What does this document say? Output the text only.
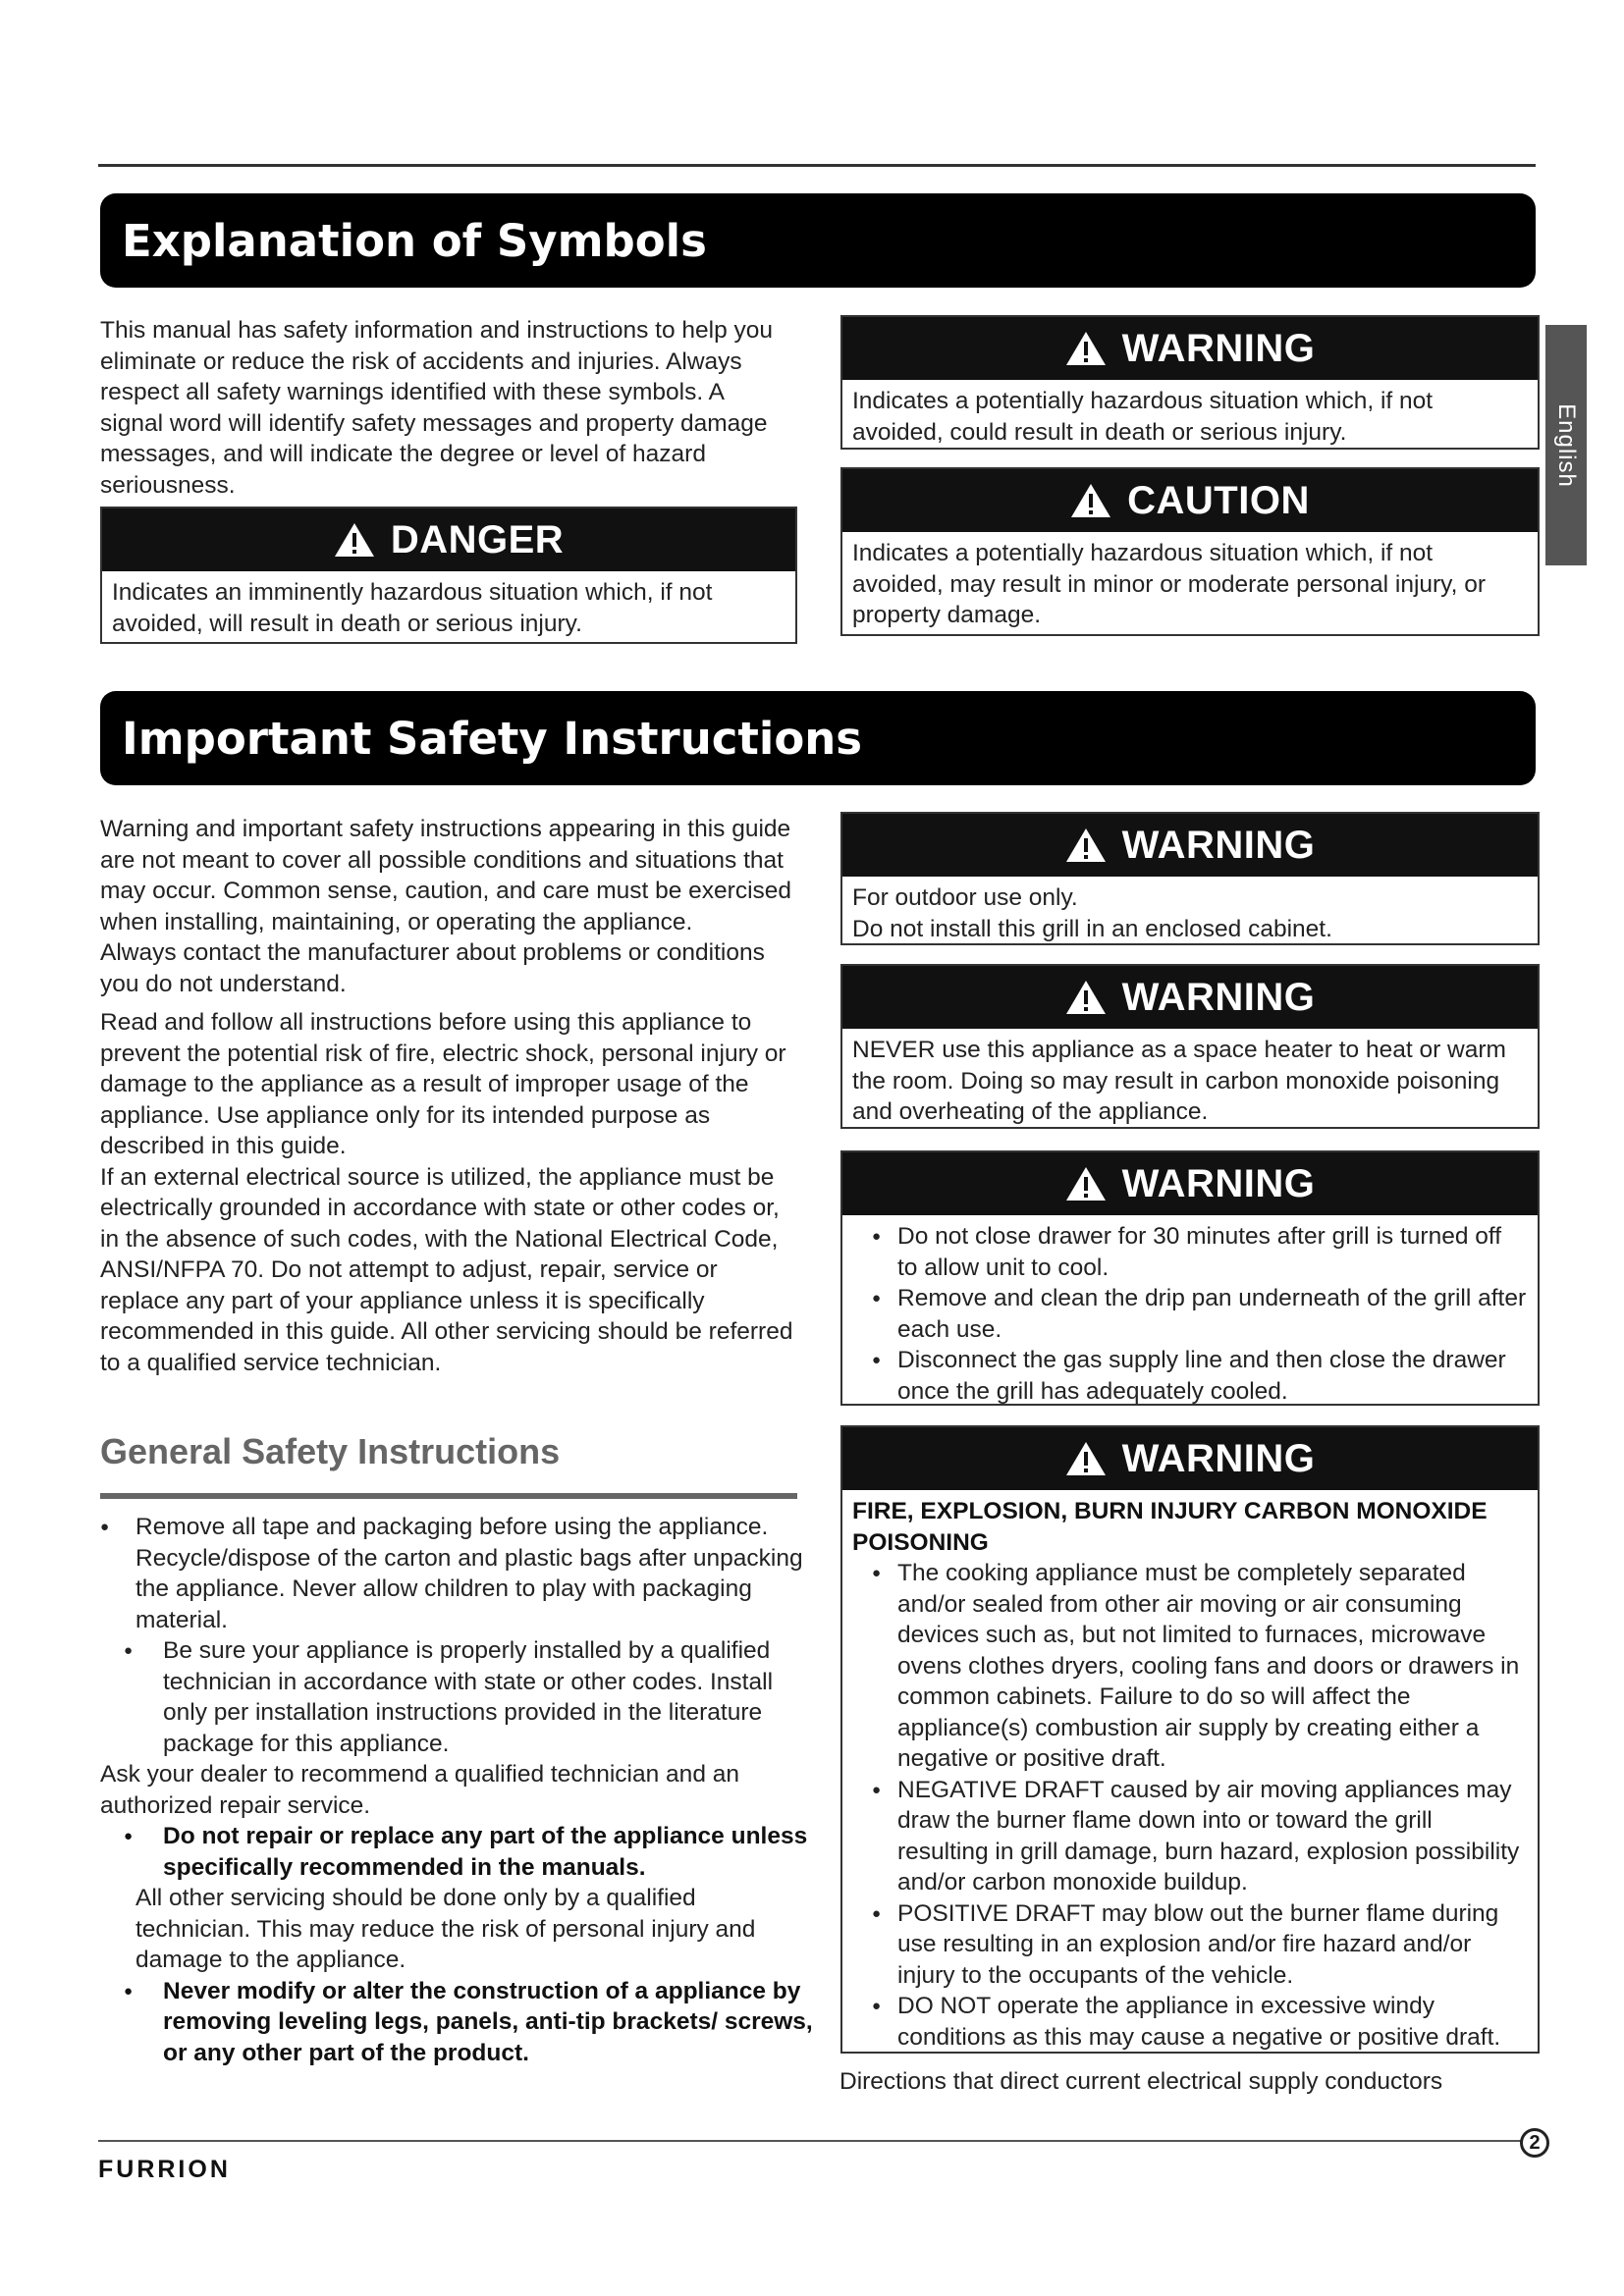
Explanation of Symbols

This manual has safety information and instructions to help you eliminate or reduce the risk of accidents and injuries. Always respect all safety warnings identified with these symbols. A signal word will identify safety messages and property damage messages, and will indicate the degree or level of hazard seriousness.

DANGER

Indicates an imminently hazardous situation which, if not avoided, will result in death or serious injury.

WARNING

Indicates a potentially hazardous situation which, if not avoided, could result in death or serious injury.

CAUTION

Indicates a potentially hazardous situation which, if not avoided, may result in minor or moderate personal injury, or property damage.

English
Important Safety Instructions

Warning and important safety instructions appearing in this guide are not meant to cover all possible conditions and situations that may occur. Common sense, caution, and care must be exercised when installing, maintaining, or operating the appliance.

Always contact the manufacturer about problems or conditions you do not understand.

Read and follow all instructions before using this appliance to prevent the potential risk of fire, electric shock, personal injury or damage to the appliance as a result of improper usage of the appliance. Use appliance only for its intended purpose as described in this guide.

If an external electrical source is utilized, the appliance must be electrically grounded in accordance with state or other codes or, in the absence of such codes, with the National Electrical Code, ANSI/NFPA 70. Do not attempt to adjust, repair, service or replace any part of your appliance unless it is specifically recommended in this guide. All other servicing should be referred to a qualified service technician.

General Safety Instructions

● Remove all tape and packaging before using the appliance. Recycle/dispose of the carton and plastic bags after unpacking the appliance. Never allow children to play with packaging material.

●	Be sure your appliance is properly installed by a qualified technician in accordance with state or other codes. Install only per installation instructions provided in the literature package for this appliance.

Ask your dealer to recommend a qualified technician and an authorized repair service.

●	Do not repair or replace any part of the appliance unless specifically recommended in the manuals.

All other servicing should be done only by a qualified technician. This may reduce the risk of personal injury and damage to the appliance.

●	Never modify or alter the construction of a appliance by removing leveling legs, panels, anti-tip brackets/ screws, or any other part of the product.

WARNING

For outdoor use only.

Do not install this grill in an enclosed cabinet.

WARNING

NEVER use this appliance as a space heater to heat or warm the room. Doing so may result in carbon monoxide poisoning and overheating of the appliance.

WARNING

● Do not close drawer for 30 minutes after grill is turned off to allow unit to cool.

● Remove and clean the drip pan underneath of the grill after each use.

● Disconnect the gas supply line and then close the drawer once the grill has adequately cooled.

WARNING

FIRE, EXPLOSION, BURN INJURY CARBON MONOXIDE POISONING

● The cooking appliance must be completely separated and/or sealed from other air moving or air consuming devices such as, but not limited to furnaces, microwave ovens clothes dryers, cooling fans and doors or drawers in common cabinets. Failure to do so will affect the appliance(s) combustion air supply by creating either a negative or positive draft.

● NEGATIVE DRAFT caused by air moving appliances may draw the burner flame down into or toward the grill resulting in grill damage, burn hazard, explosion possibility and/or carbon monoxide buildup.

● POSITIVE DRAFT may blow out the burner flame during use resulting in an explosion and/or fire hazard and/or injury to the occupants of the vehicle.

● DO NOT operate the appliance in excessive windy conditions as this may cause a negative or positive draft.

Directions that direct current electrical supply conductors
FURRION
2
